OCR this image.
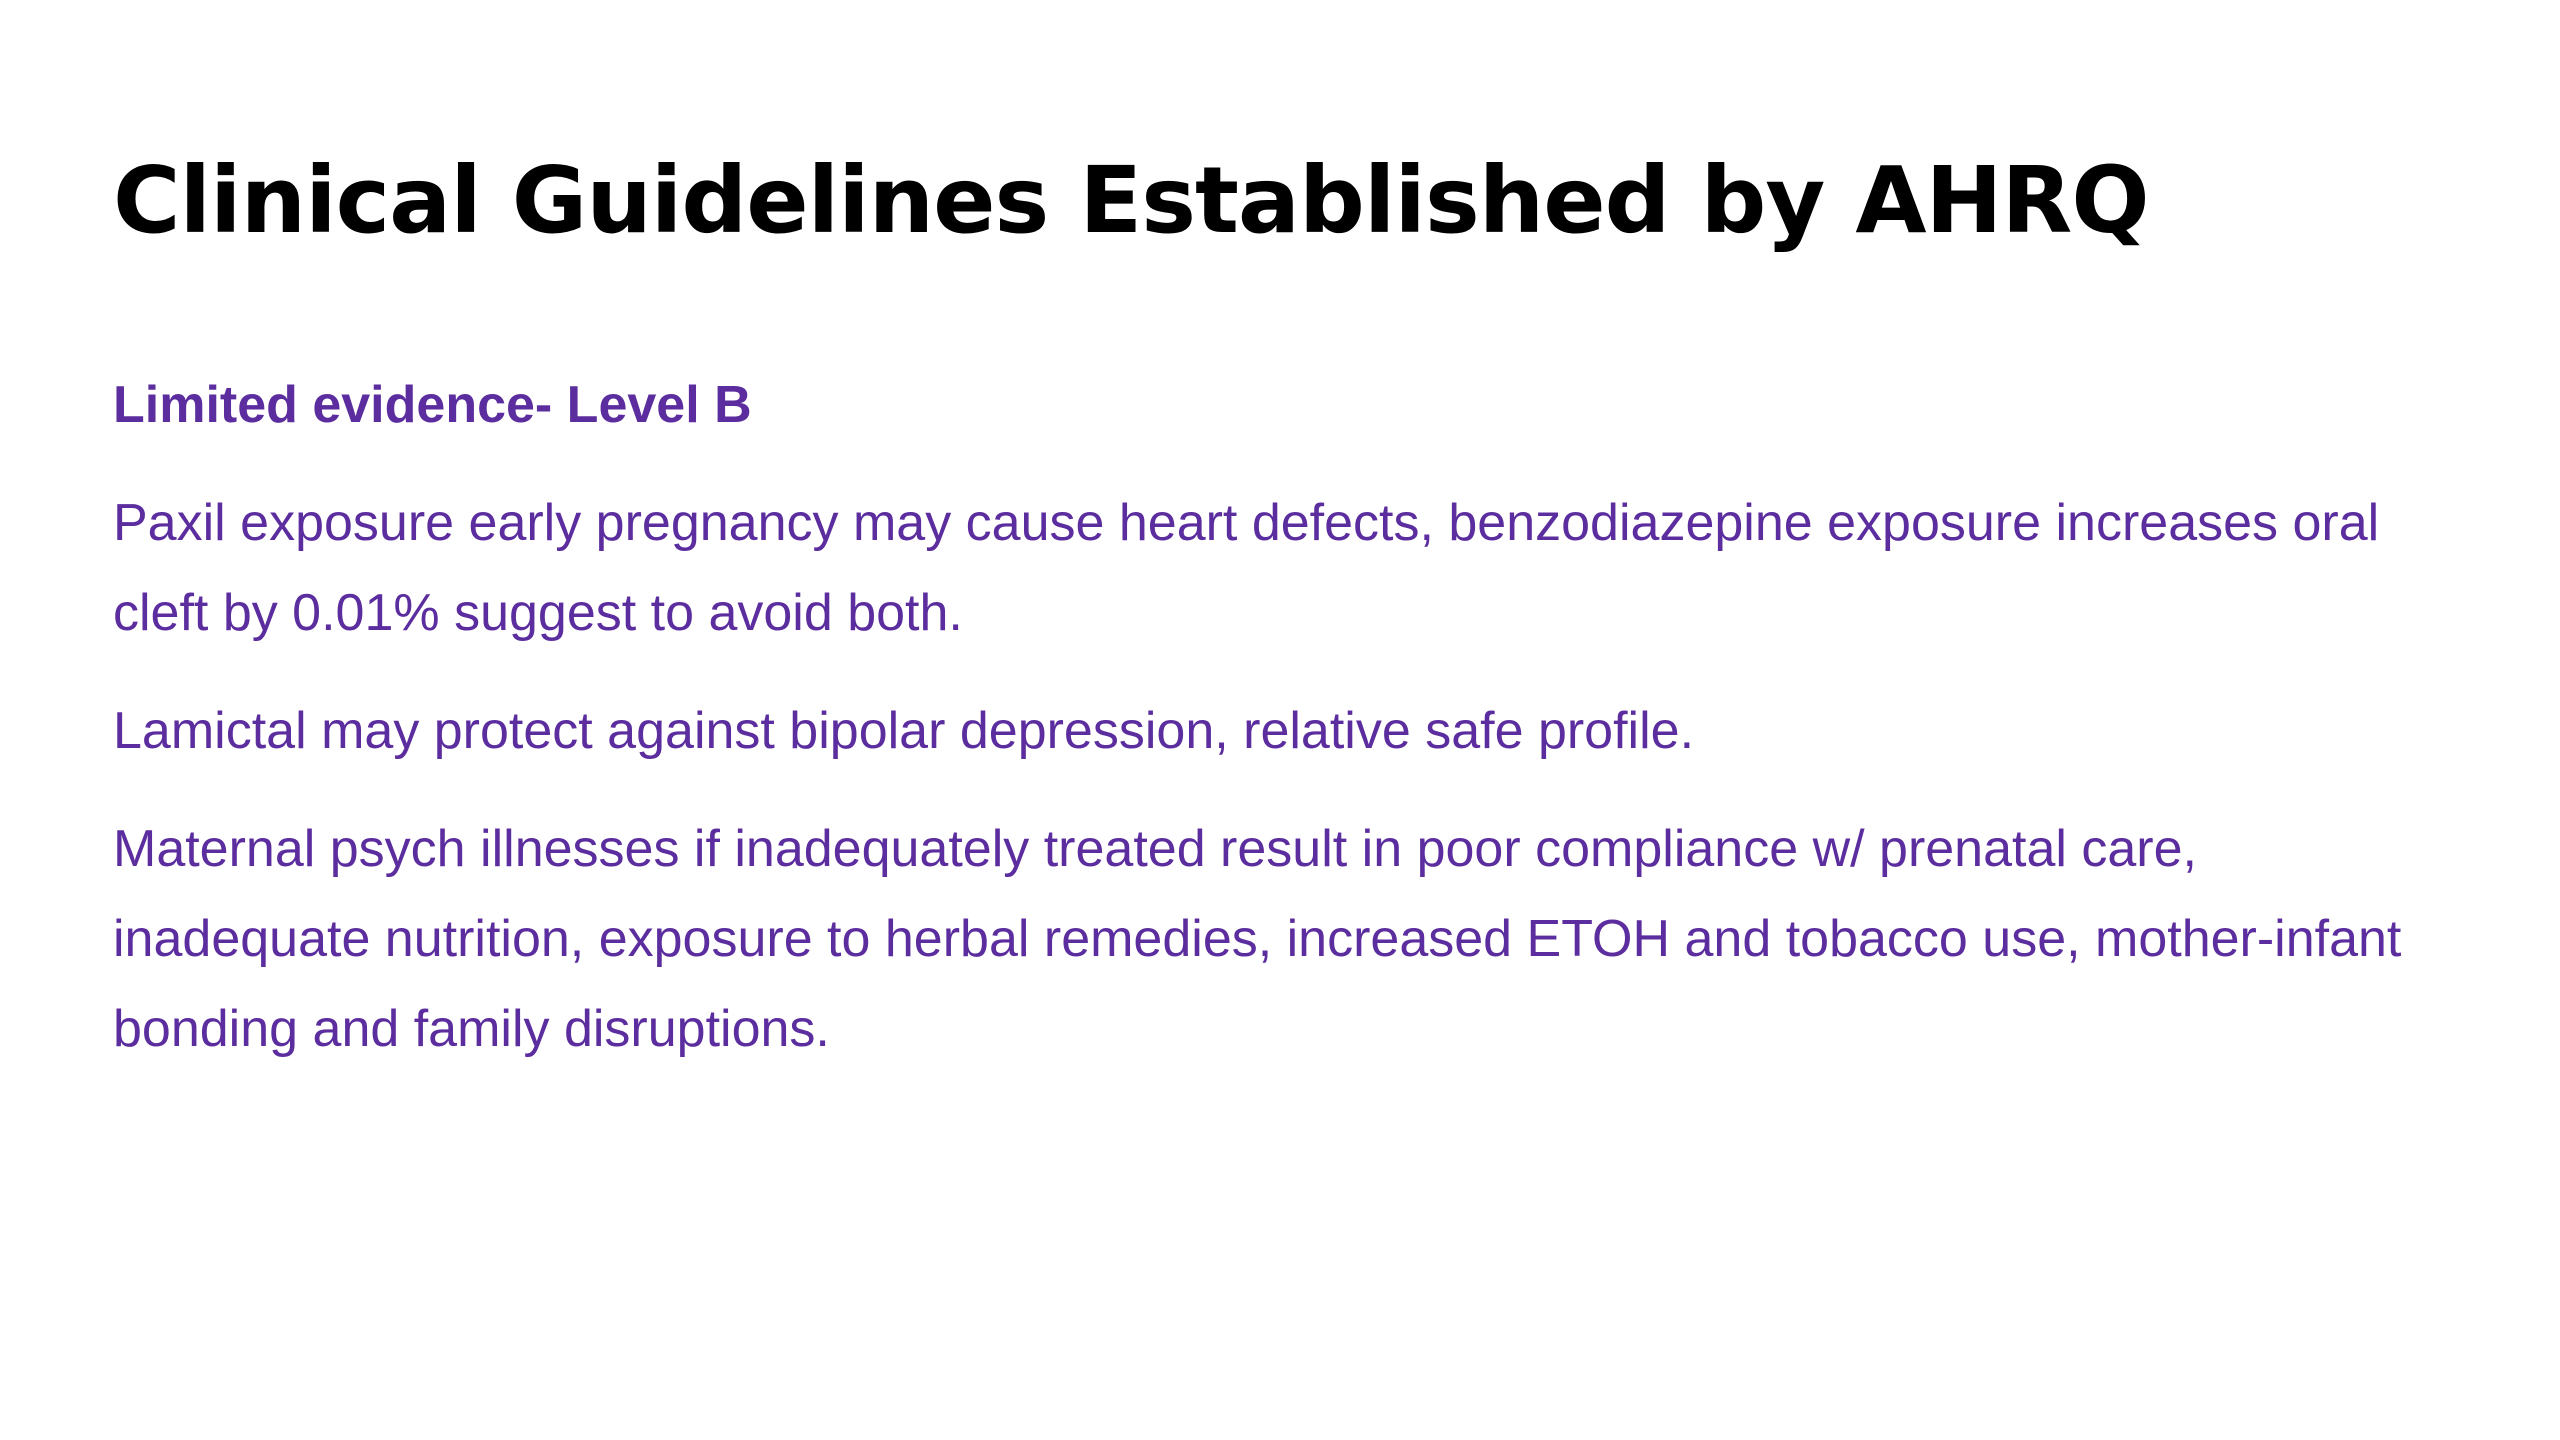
Clinical Guidelines Established by AHRQ

Limited evidence- Level B

Paxil exposure early pregnancy may cause heart defects, benzodiazepine exposure increases oral cleft by 0.01% suggest to avoid both.

Lamictal may protect against bipolar depression, relative safe profile.

Maternal psych illnesses if inadequately treated result in poor compliance w/ prenatal care, inadequate nutrition, exposure to herbal remedies, increased ETOH and tobacco use, mother-infant bonding and family disruptions.
